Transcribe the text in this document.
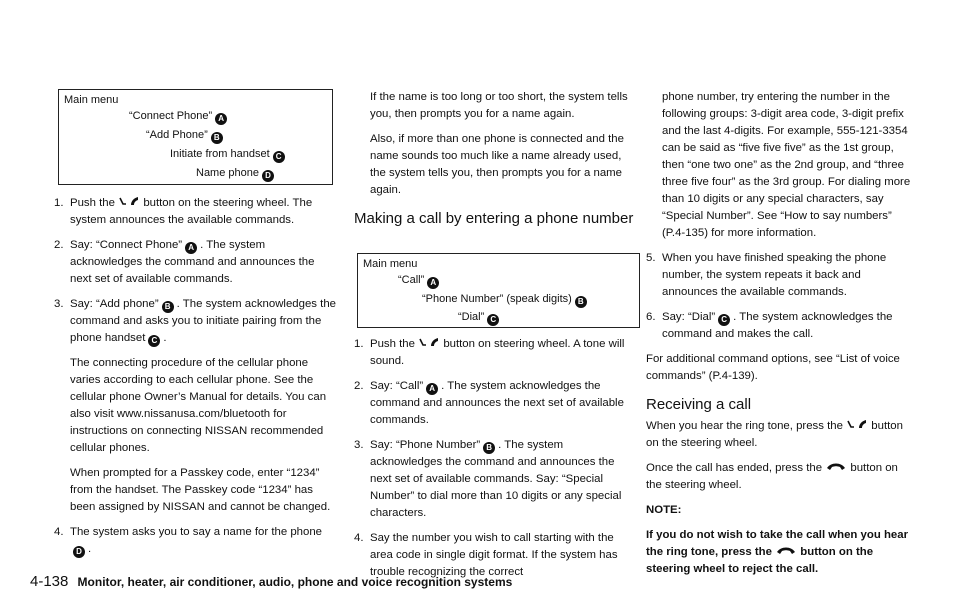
Main menu
“Connect Phone” A
“Add Phone” B
Initiate from handset C
Name phone D
1. Push the button on the steering wheel. The system announces the available commands.
2. Say: “Connect Phone” A . The system acknowledges the command and announces the next set of available commands.
3. Say: “Add phone” B . The system acknowledges the command and asks you to initiate pairing from the phone handset C .

The connecting procedure of the cellular phone varies according to each cellular phone. See the cellular phone Owner’s Manual for details. You can also visit www.nissanusa.com/bluetooth for instructions on connecting NISSAN recommended cellular phones.

When prompted for a Passkey code, enter “1234” from the handset. The Passkey code “1234” has been assigned by NISSAN and cannot be changed.

4. The system asks you to say a name for the phoneD .

If the name is too long or too short, the system tells you, then prompts you for a name again.

Also, if more than one phone is connected and the name sounds too much like a name already used, the system tells you, then prompts you for a name again.

Making a call by entering a phone number
Main menu
“Call” A
“Phone Number” (speak digits) B
“Dial” C
1. Push the button on steering wheel. A tone will sound.
2. Say: “Call” A . The system acknowledges the command and announces the next set of available commands.
3. Say: “Phone Number” B . The system acknowledges the command and announces the next set of available commands. Say: “Special Number” to dial more than 10 digits or any special characters.
4. Say the number you wish to call starting with the area code in single digit format. If the system has trouble recognizing the correct

phone number, try entering the number in the following groups: 3-digit area code, 3-digit prefix and the last 4-digits. For example, 555-121-3354 can be said as “five five five” as the 1st group, then “one two one” as the 2nd group, and “three three five four” as the 3rd group. For dialing more than 10 digits or any special characters, say “Special Number”. See “How to say numbers” (P.4-135) for more information.

5. When you have finished speaking the phone number, the system repeats it back and announces the available commands.
6. Say: “Dial” C . The system acknowledges the command and makes the call.

For additional command options, see “List of voice commands” (P.4-139).

Receiving a call

When you hear the ring tone, press the button on the steering wheel.

Once the call has ended, press the button on the steering wheel.

NOTE:

If you do not wish to take the call when you hear the ring tone, press the button on the steering wheel to reject the call.

4-138 Monitor, heater, air conditioner, audio, phone and voice recognition systems
